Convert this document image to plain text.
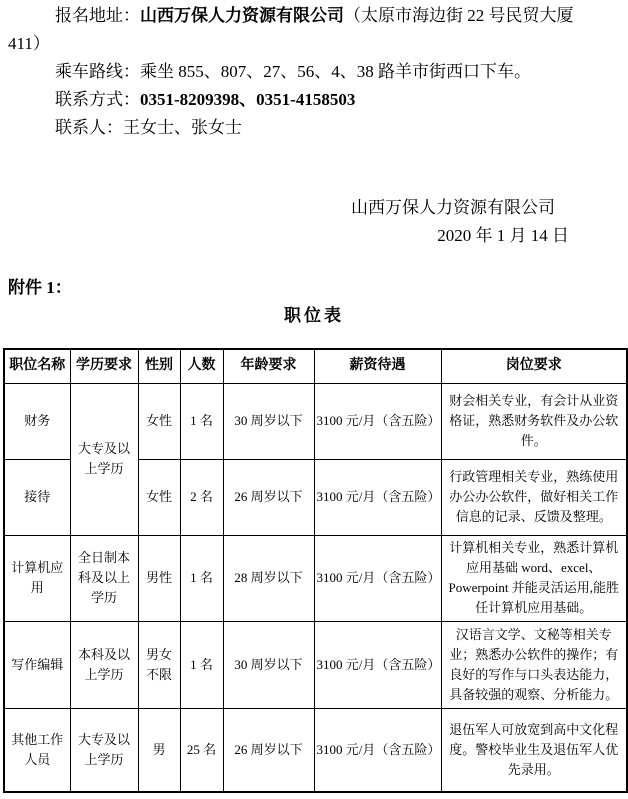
报名地址：山西万保人力资源有限公司（太原市海边街 22 号民贸大厦
411）
乘车路线：乘坐 855、807、27、56、4、38 路羊市街西口下车。
联系方式：0351-8209398、0351-4158503
联系人：王女士、张女士
山西万保人力资源有限公司
2020 年 1 月 14 日
附件 1：
职位表
职位名称	学历要求	性别	人数	年龄要求	薪资待遇	岗位要求
财务	大专及以上学历	女性	1 名	30 周岁以下	3100 元/月（含五险）	财会相关专业，有会计从业资格证，熟悉财务软件及办公软件。
接待		女性	2 名	26 周岁以下	3100 元/月（含五险）	行政管理相关专业，熟练使用办公办公软件，做好相关工作信息的记录、反馈及整理。
计算机应用	全日制本科及以上学历	男性	1 名	28 周岁以下	3100 元/月（含五险）	计算机相关专业，熟悉计算机应用基础 word、excel、Powerpoint 并能灵活运用,能胜任计算机应用基础。
写作编辑	本科及以上学历	男女不限	1 名	30 周岁以下	3100 元/月（含五险）	汉语言文学、文秘等相关专业；熟悉办公软件的操作；有良好的写作与口头表达能力，具备较强的观察、分析能力。
其他工作人员	大专及以上学历	男	25 名	26 周岁以下	3100 元/月（含五险）	退伍军人可放宽到高中文化程度。警校毕业生及退伍军人优先录用。
